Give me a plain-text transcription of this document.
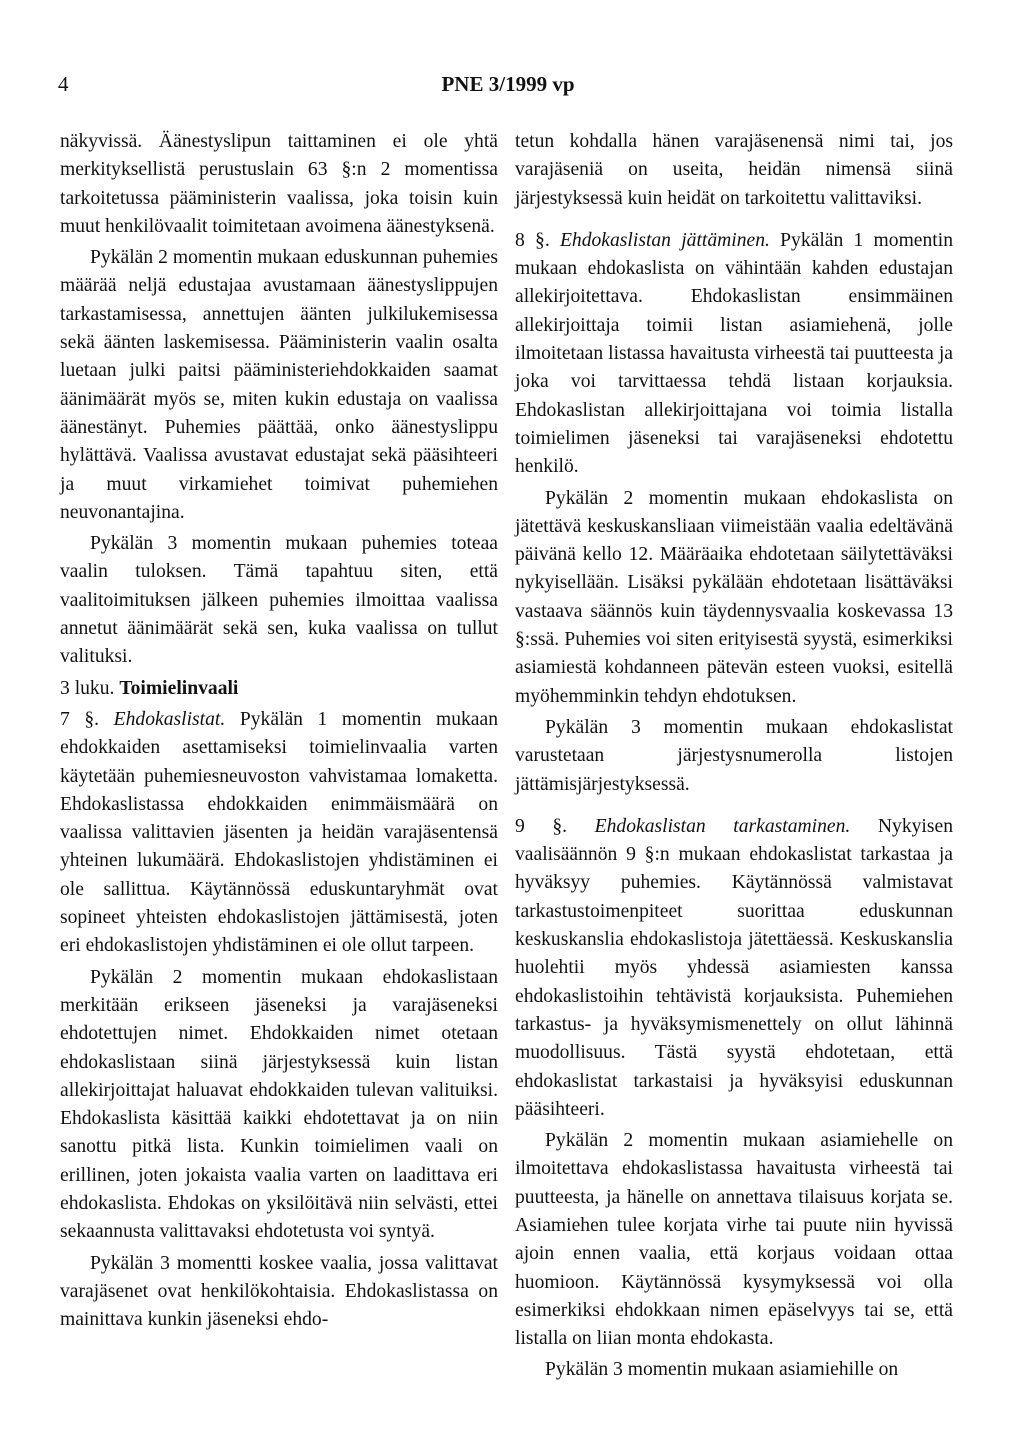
4	PNE 3/1999 vp

näkyvissä. Äänestyslipun taittaminen ei ole yhtä merkityksellistä perustuslain 63 §:n 2 momentissa tarkoitetussa pääministerin vaalissa, joka toisin kuin muut henkilövaalit toimitetaan avoimena äänestyksenä.

Pykälän 2 momentin mukaan eduskunnan puhemies määrää neljä edustajaa avustamaan äänestyslippujen tarkastamisessa, annettujen äänten julkilukemisessa sekä äänten laskemisessa. Pääministerin vaalin osalta luetaan julki paitsi pääministeriehdokkaiden saamat äänimäärät myös se, miten kukin edustaja on vaalissa äänestänyt. Puhemies päättää, onko äänestyslippu hylättävä. Vaalissa avustavat edustajat sekä pääsihteeri ja muut virkamiehet toimivat puhemiehen neuvonantajina.

Pykälän 3 momentin mukaan puhemies toteaa vaalin tuloksen. Tämä tapahtuu siten, että vaalitoimituksen jälkeen puhemies ilmoittaa vaalissa annetut äänimäärät sekä sen, kuka vaalissa on tullut valituksi.

3 luku. Toimielinvaali

7 §. Ehdokaslistat. Pykälän 1 momentin mukaan ehdokkaiden asettamiseksi toimielinvaalia varten käytetään puhemiesneuvoston vahvistamaa lomaketta. Ehdokaslistassa ehdokkaiden enimmäismäärä on vaalissa valittavien jäsenten ja heidän varajäsentensä yhteinen lukumäärä. Ehdokaslistojen yhdistäminen ei ole sallittua. Käytännössä eduskuntaryhmät ovat sopineet yhteisten ehdokaslistojen jättämisestä, joten eri ehdokaslistojen yhdistäminen ei ole ollut tarpeen.

Pykälän 2 momentin mukaan ehdokaslistaan merkitään erikseen jäseneksi ja varajäseneksi ehdotettujen nimet. Ehdokkaiden nimet otetaan ehdokaslistaan siinä järjestyksessä kuin listan allekirjoittajat haluavat ehdokkaiden tulevan valituiksi. Ehdokaslista käsittää kaikki ehdotettavat ja on niin sanottu pitkä lista. Kunkin toimielimen vaali on erillinen, joten jokaista vaalia varten on laadittava eri ehdokaslista. Ehdokas on yksilöitävä niin selvästi, ettei sekaannusta valittavaksi ehdotetusta voi syntyä.

Pykälän 3 momentti koskee vaalia, jossa valittavat varajäsenet ovat henkilökohtaisia. Ehdokaslistassa on mainittava kunkin jäseneksi ehdo-

tetun kohdalla hänen varajäsenensä nimi tai, jos varajäseniä on useita, heidän nimensä siinä järjestyksessä kuin heidät on tarkoitettu valittaviksi.

8 §. Ehdokaslistan jättäminen. Pykälän 1 momentin mukaan ehdokaslista on vähintään kahden edustajan allekirjoitettava. Ehdokaslistan ensimmäinen allekirjoittaja toimii listan asiamiehenä, jolle ilmoitetaan listassa havaitusta virheestä tai puutteesta ja joka voi tarvittaessa tehdä listaan korjauksia. Ehdokaslistan allekirjoittajana voi toimia listalla toimielimen jäseneksi tai varajäseneksi ehdotettu henkilö.

Pykälän 2 momentin mukaan ehdokaslista on jätettävä keskuskansliaan viimeistään vaalia edeltävänä päivänä kello 12. Määräaika ehdotetaan säilytettäväksi nykyisellään. Lisäksi pykälään ehdotetaan lisättäväksi vastaava säännös kuin täydennysvaalia koskevassa 13 §:ssä. Puhemies voi siten erityisestä syystä, esimerkiksi asiamiestä kohdanneen pätevän esteen vuoksi, esitellä myöhemminkin tehdyn ehdotuksen.

Pykälän 3 momentin mukaan ehdokaslistat varustetaan järjestysnumerolla listojen jättämisjärjestyksessä.

9 §. Ehdokaslistan tarkastaminen. Nykyisen vaalisäännön 9 §:n mukaan ehdokaslistat tarkastaa ja hyväksyy puhemies. Käytännössä valmistavat tarkastustoimenpiteet suorittaa eduskunnan keskuskanslia ehdokaslistoja jätettäessä. Keskuskanslia huolehtii myös yhdessä asiamiesten kanssa ehdokaslistoihin tehtävistä korjauksista. Puhemiehen tarkastus- ja hyväksymismenettely on ollut lähinnä muodollisuus. Tästä syystä ehdotetaan, että ehdokaslistat tarkastaisi ja hyväksyisi eduskunnan pääsihteeri.

Pykälän 2 momentin mukaan asiamiehelle on ilmoitettava ehdokaslistassa havaitusta virheestä tai puutteesta, ja hänelle on annettava tilaisuus korjata se. Asiamiehen tulee korjata virhe tai puute niin hyvissä ajoin ennen vaalia, että korjaus voidaan ottaa huomioon. Käytännössä kysymyksessä voi olla esimerkiksi ehdokkaan nimen epäselvyys tai se, että listalla on liian monta ehdokasta.

Pykälän 3 momentin mukaan asiamiehille on
